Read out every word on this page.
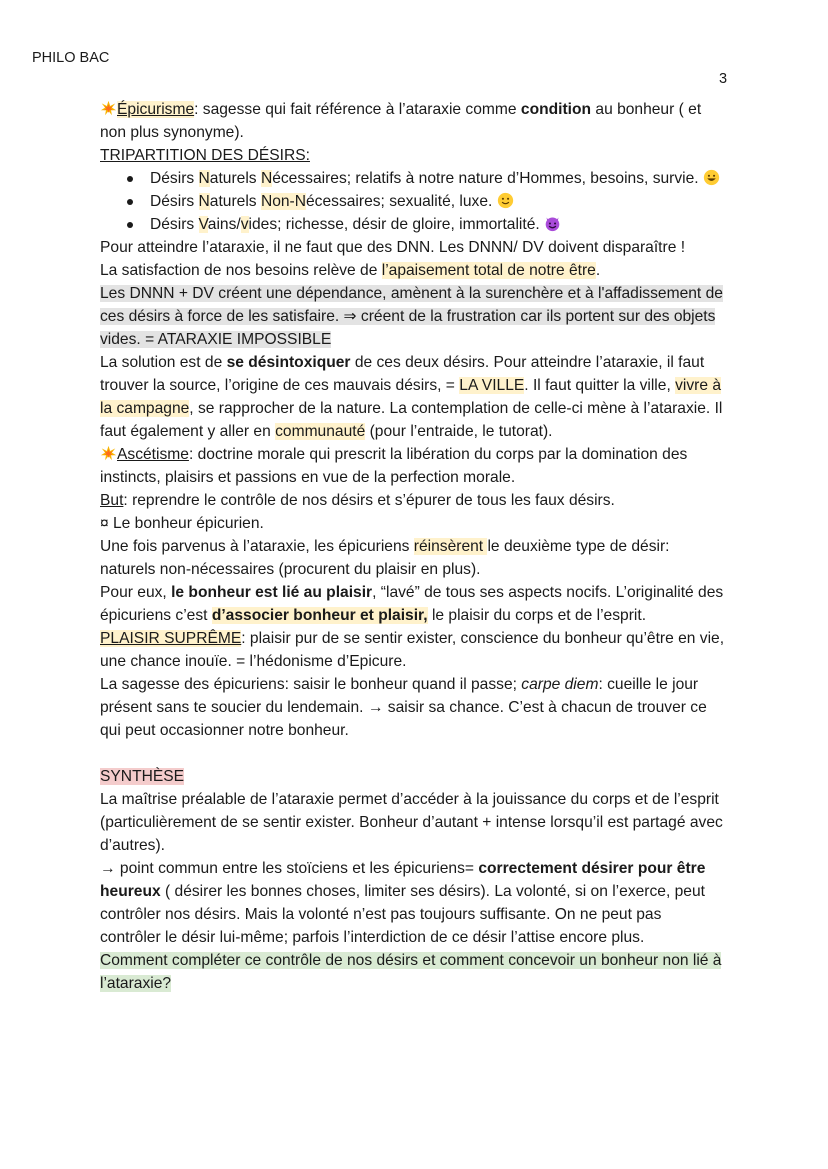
PHILO BAC
3

Épicurisme: sagesse qui fait référence à l’ataraxie comme condition au bonheur ( et non plus synonyme).

TRIPARTITION DES DÉSIRS:

Désirs Naturels Nécessaires; relatifs à notre nature d’Hommes, besoins, survie.
Désirs Naturels Non-Nécessaires; sexualité, luxe.
Désirs Vains/vides; richesse, désir de gloire, immortalité.

Pour atteindre l’ataraxie, il ne faut que des DNN. Les DNNN/ DV doivent disparaître !

La satisfaction de nos besoins relève de l’apaisement total de notre être.

Les DNNN + DV créent une dépendance, amènent à la surenchère et à l'affadissement de ces désirs à force de les satisfaire. ⇒ créent de la frustration car ils portent sur des objets vides. = ATARAXIE IMPOSSIBLE

La solution est de se désintoxiquer de ces deux désirs. Pour atteindre l’ataraxie, il faut trouver la source, l’origine de ces mauvais désirs, = LA VILLE. Il faut quitter la ville, vivre à la campagne, se rapprocher de la nature. La contemplation de celle-ci mène à l’ataraxie. Il faut également y aller en communauté (pour l’entraide, le tutorat).

Ascétisme: doctrine morale qui prescrit la libération du corps par la domination des instincts, plaisirs et passions en vue de la perfection morale.

But: reprendre le contrôle de nos désirs et s’épurer de tous les faux désirs.

¤ Le bonheur épicurien.

Une fois parvenus à l’ataraxie, les épicuriens réinsèrent le deuxième type de désir: naturels non-nécessaires (procurent du plaisir en plus).

Pour eux, le bonheur est lié au plaisir, “lavé” de tous ses aspects nocifs. L’originalité des épicuriens c’est d’associer bonheur et plaisir, le plaisir du corps et de l’esprit.

PLAISIR SUPRÊME: plaisir pur de se sentir exister, conscience du bonheur qu’être en vie, une chance inouïe. = l’hédonisme d’Epicure.

La sagesse des épicuriens: saisir le bonheur quand il passe; carpe diem: cueille le jour présent sans te soucier du lendemain. → saisir sa chance. C’est à chacun de trouver ce qui peut occasionner notre bonheur.

SYNTHÈSE

La maîtrise préalable de l’ataraxie permet d’accéder à la jouissance du corps et de l’esprit (particulièrement de se sentir exister. Bonheur d’autant + intense lorsqu’il est partagé avec d’autres).

→ point commun entre les stoïciens et les épicuriens= correctement désirer pour être heureux ( désirer les bonnes choses, limiter ses désirs). La volonté, si on l’exerce, peut contrôler nos désirs. Mais la volonté n’est pas toujours suffisante. On ne peut pas contrôler le désir lui-même; parfois l’interdiction de ce désir l’attise encore plus.

Comment compléter ce contrôle de nos désirs et comment concevoir un bonheur non lié à l’ataraxie?
